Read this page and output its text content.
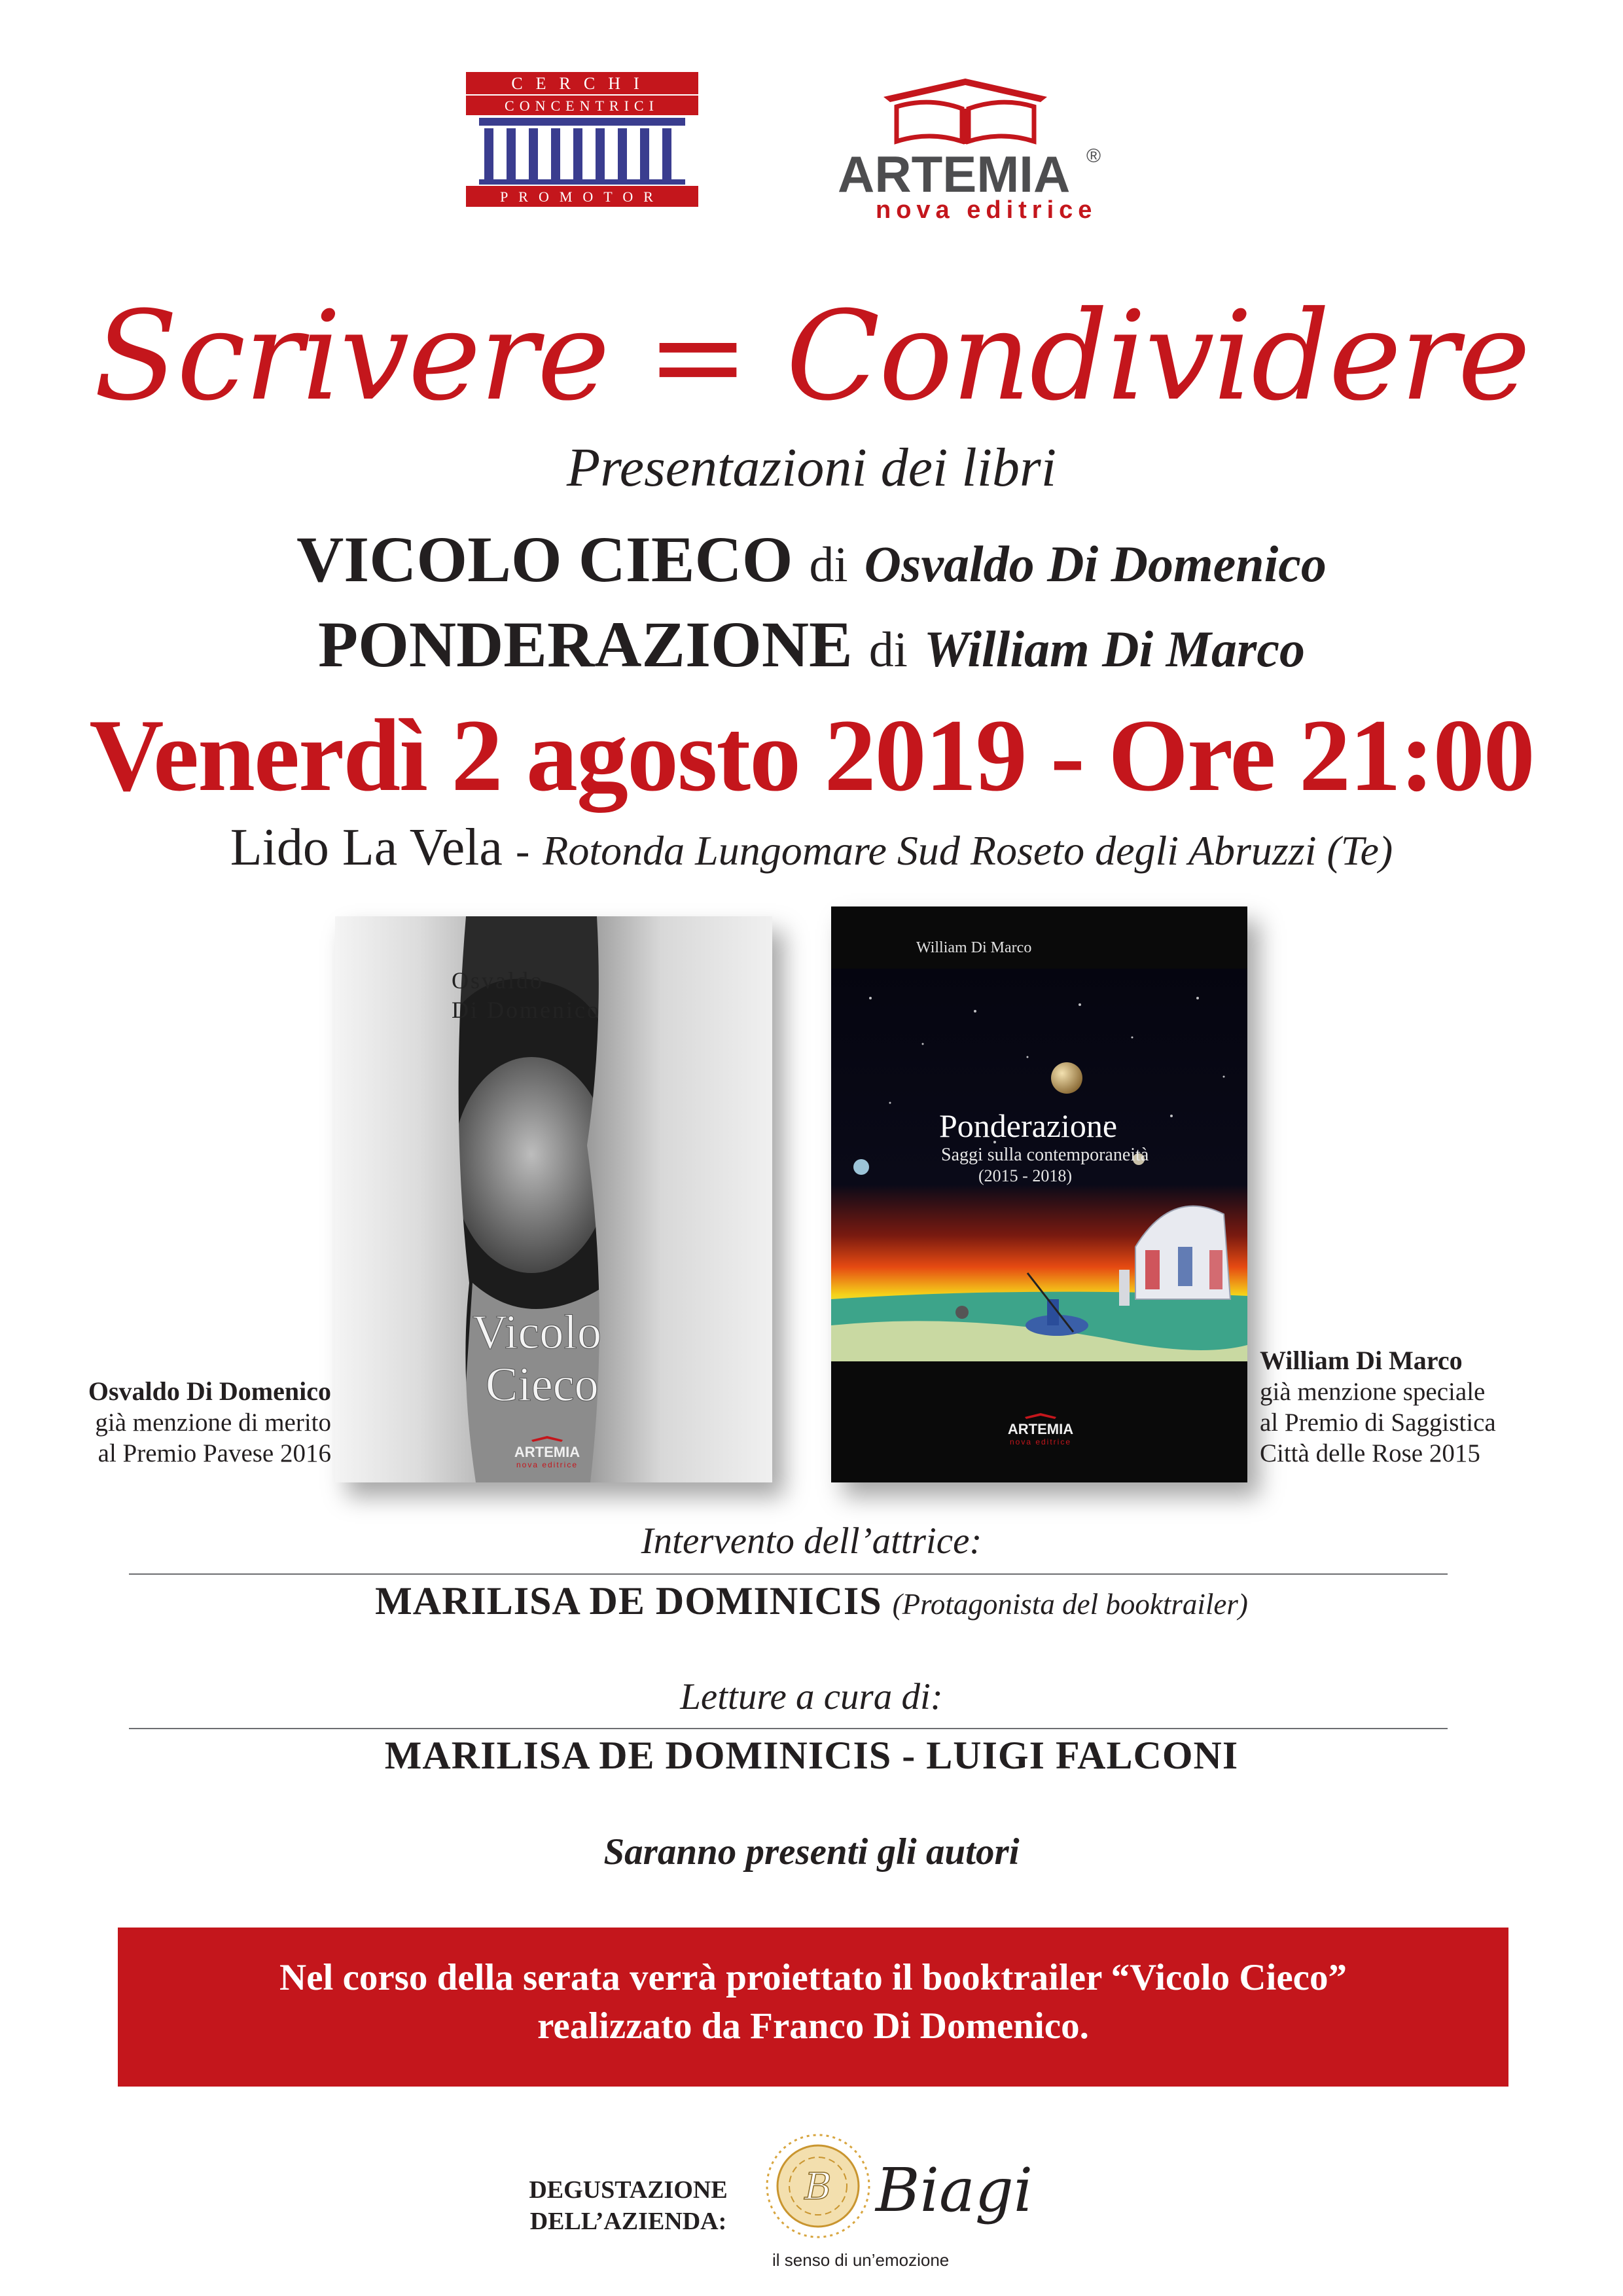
CERCHI
CONCENTRICI
PROMOTOR	ARTEMIA ®
nova editrice
Scrivere = Condividere
Presentazioni dei libri
VICOLO CIECO di Osvaldo Di Domenico
PONDERAZIONE di William Di Marco
Venerdì 2 agosto 2019 - Ore 21:00
Lido La Vela - Rotonda Lungomare Sud Roseto degli Abruzzi (Te)
Osvaldo
Di Domenico
Vicolo
Cieco
ARTEMIA
nova editrice
William Di Marco
Ponderazione
Saggi sulla contemporaneità
(2015 - 2018)
ARTEMIA
nova editrice
Osvaldo Di Domenico
già menzione di merito
al Premio Pavese 2016
William Di Marco
già menzione speciale
al Premio di Saggistica
Città delle Rose 2015
Intervento dell’attrice:
MARILISA DE DOMINICIS (Protagonista del booktrailer)
Letture a cura di:
MARILISA DE DOMINICIS - LUIGI FALCONI
Saranno presenti gli autori
Nel corso della serata verrà proiettato il booktrailer “Vicolo Cieco”
realizzato da Franco Di Domenico.
DEGUSTAZIONE
DELL’AZIENDA:
B Biagi
il senso di un’emozione
